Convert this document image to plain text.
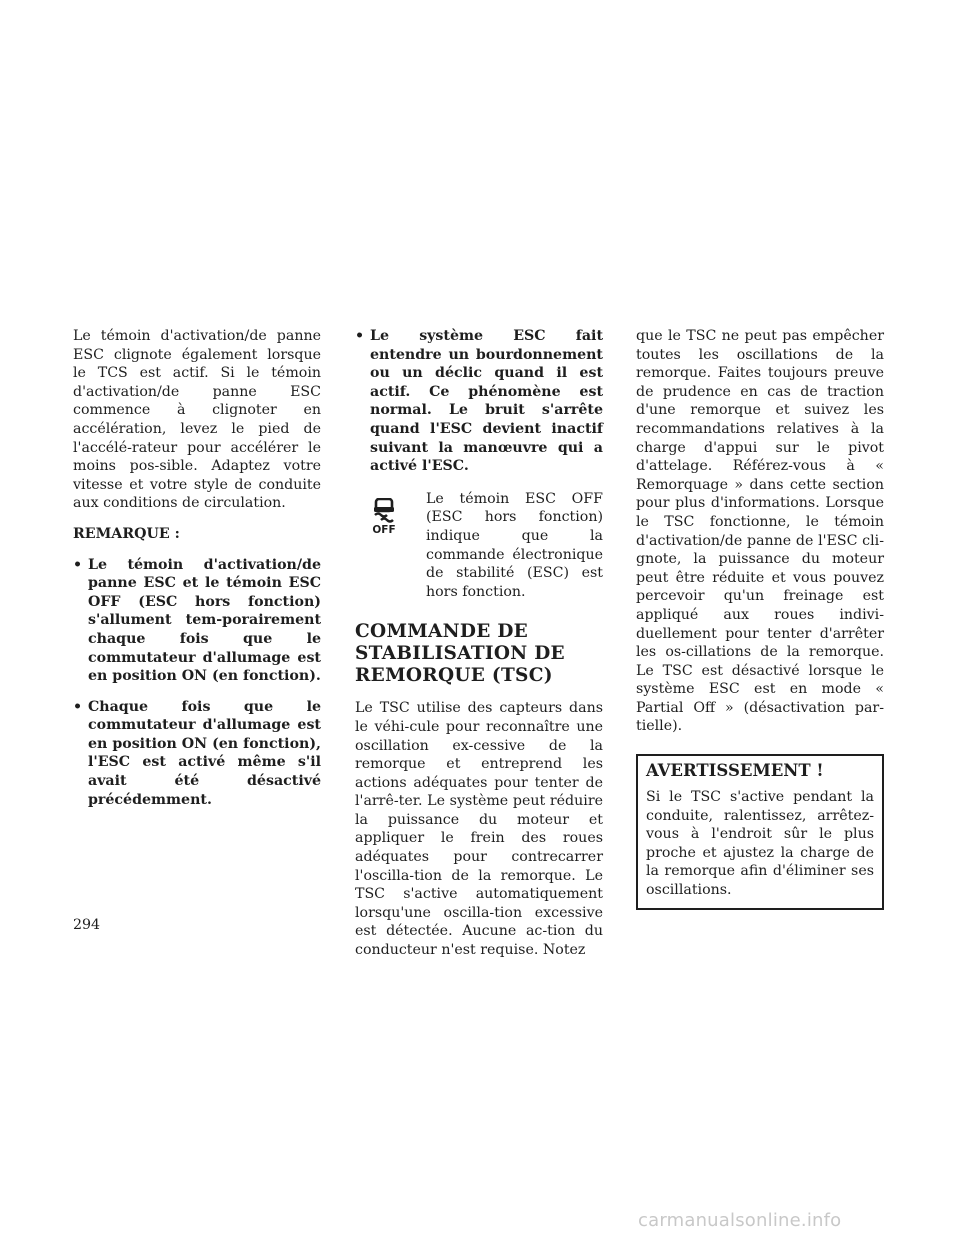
Le témoin d'activation/de panne ESC clignote également lorsque le TCS est actif. Si le témoin d'activation/de panne ESC commence à clignoter en accélération, levez le pied de l'accélé-rateur pour accélérer le moins pos-sible. Adaptez votre vitesse et votre style de conduite aux conditions de circulation.

REMARQUE :

• Le témoin d'activation/de panne ESC et le témoin ESC OFF (ESC hors fonction) s'allument tem-porairement chaque fois que le commutateur d'allumage est en position ON (en fonction).
• Chaque fois que le commutateur d'allumage est en position ON (en fonction), l'ESC est activé même s'il avait été désactivé précédemment.
• Le système ESC fait entendre un bourdonnement ou un déclic quand il est actif. Ce phénomène est normal. Le bruit s'arrête quand l'ESC devient inactif suivant la manœuvre qui a activé l'ESC.
OFF
Le témoin ESC OFF (ESC hors fonction) indique que la commande électronique de stabilité (ESC) est hors fonction.
COMMANDE DE STABILISATION DE REMORQUE (TSC)

Le TSC utilise des capteurs dans le véhi-cule pour reconnaître une oscillation ex-cessive de la remorque et entreprend les actions adéquates pour tenter de l'arrê-ter. Le système peut réduire la puissance du moteur et appliquer le frein des roues adéquates pour contrecarrer l'oscilla-tion de la remorque. Le TSC s'active automatiquement lorsqu'une oscilla-tion excessive est détectée. Aucune ac-tion du conducteur n'est requise. Notez

que le TSC ne peut pas empêcher toutes les oscillations de la remorque. Faites toujours preuve de prudence en cas de traction d'une remorque et suivez les recommandations relatives à la charge d'appui sur le pivot d'attelage. Référez-vous à « Remorquage » dans cette section pour plus d'informations. Lorsque le TSC fonctionne, le témoin d'activation/de panne de l'ESC cli-gnote, la puissance du moteur peut être réduite et vous pouvez percevoir qu'un freinage est appliqué aux roues indivi-duellement pour tenter d'arrêter les os-cillations de la remorque. Le TSC est désactivé lorsque le système ESC est en mode « Partial Off » (désactivation par-tielle).

AVERTISSEMENT !

Si le TSC s'active pendant la conduite, ralentissez, arrêtez-vous à l'endroit sûr le plus proche et ajustez la charge de la remorque afin d'éliminer ses oscillations.

294
carmanualsonline.info
